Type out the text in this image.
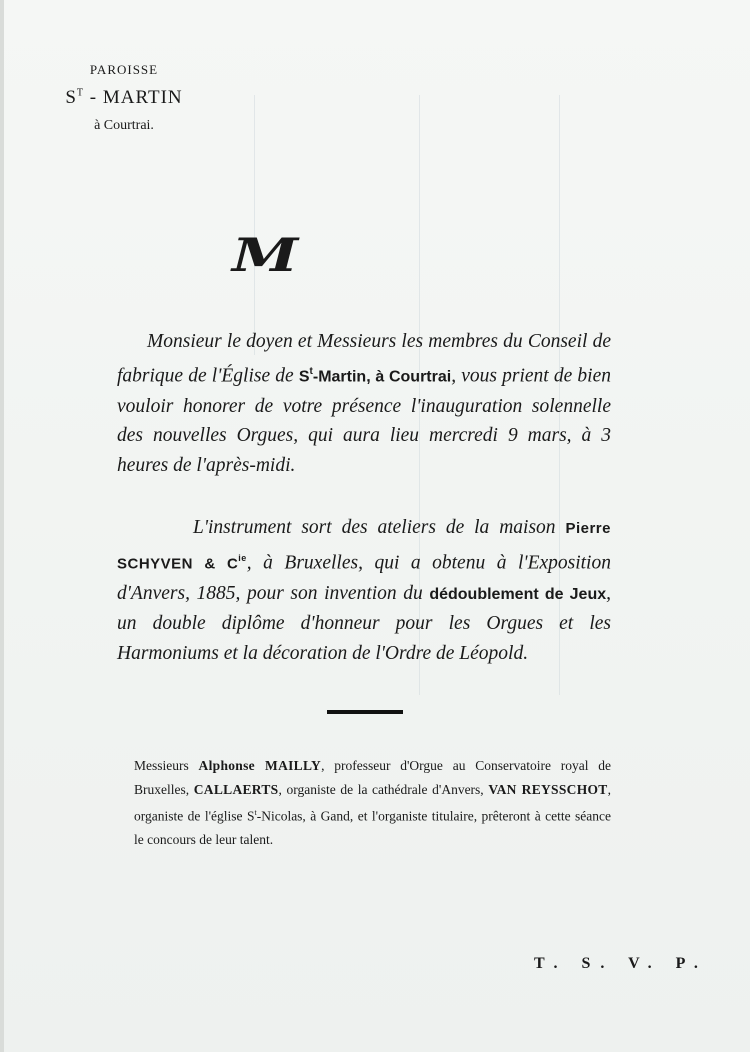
PAROISSE
$S^T$ - MARTIN
à Courtrai.
M
Monsieur le doyen et Messieurs les membres du Conseil de fabrique de l'Église de $S^t$-Martin, à Courtrai, vous prient de bien vouloir honorer de votre présence l'inauguration solennelle des nouvelles Orgues, qui aura lieu mercredi 9 mars, à 3 heures de l'après-midi.
L'instrument sort des ateliers de la maison Pierre SCHYVEN & $C^{ie}$, à Bruxelles, qui a obtenu à l'Exposition d'Anvers, 1885, pour son invention du dédoublement de Jeux, un double diplôme d'honneur pour les Orgues et les Harmoniums et la décoration de l'Ordre de Léopold.
Messieurs Alphonse MAILLY, professeur d'Orgue au Conservatoire royal de Bruxelles, CALLAERTS, organiste de la cathédrale d'Anvers, VAN REYSSCHOT, organiste de l'église $S^t$-Nicolas, à Gand, et l'organiste titulaire, prêteront à cette séance le concours de leur talent.
T. S. V. P.
